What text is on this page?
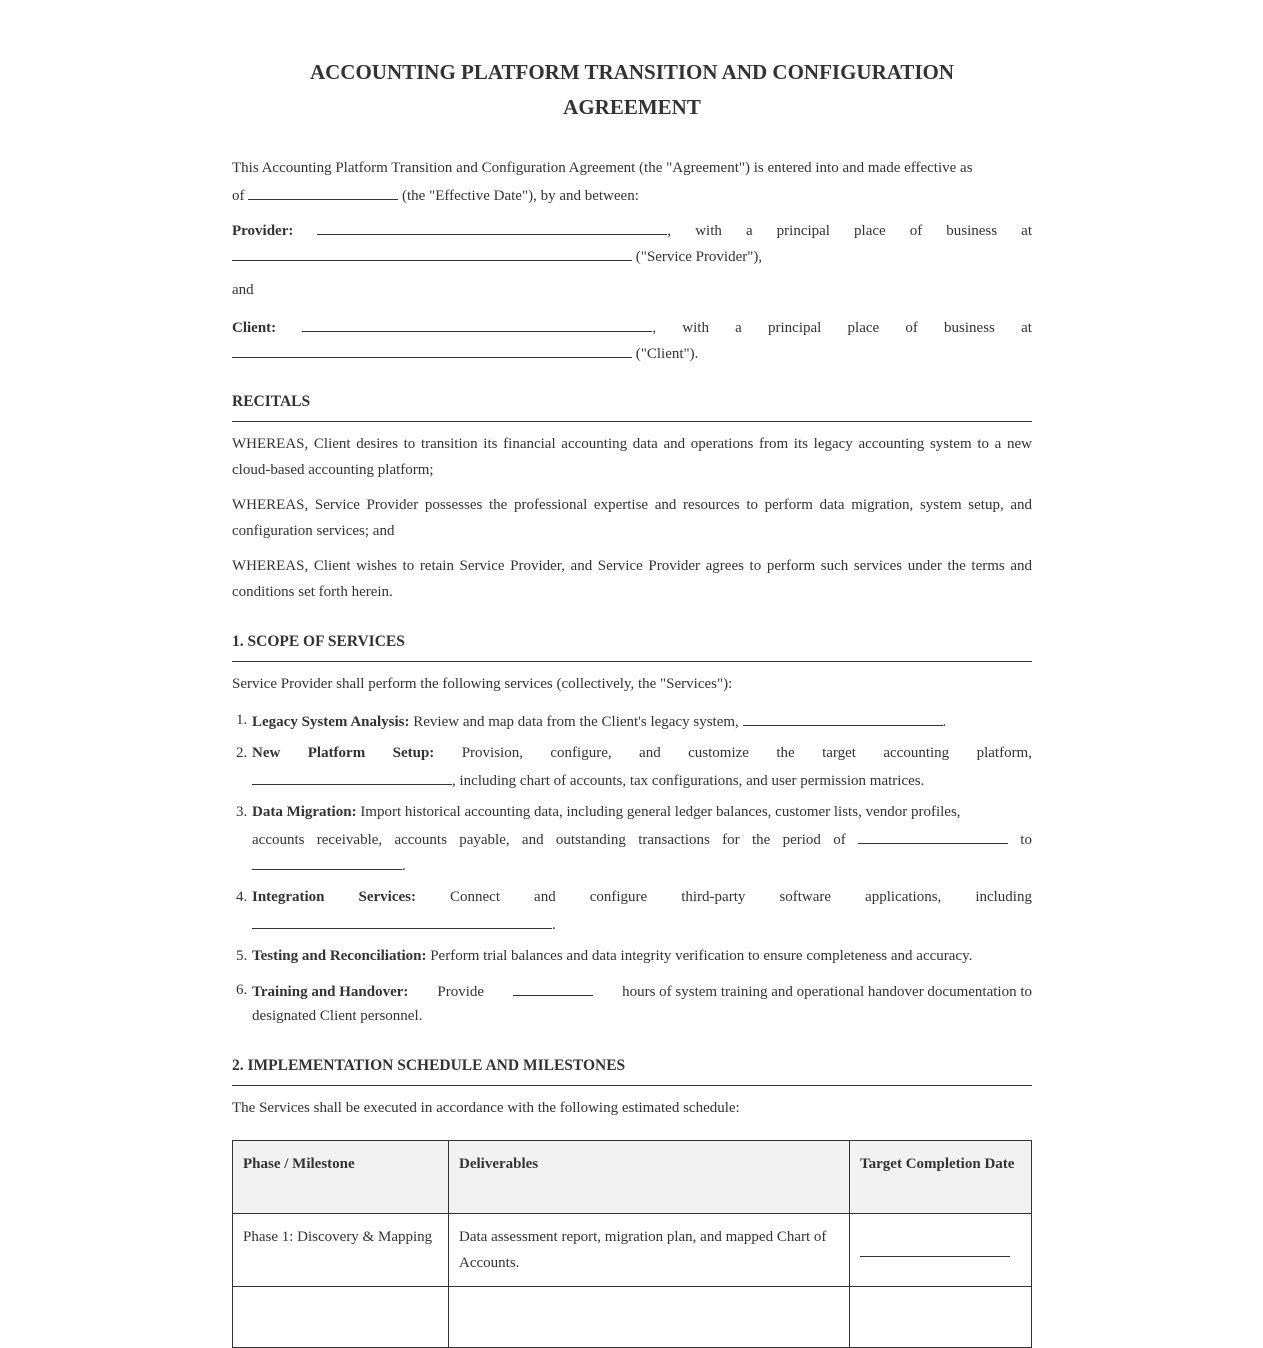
ACCOUNTING PLATFORM TRANSITION AND CONFIGURATION
AGREEMENT
This Accounting Platform Transition and Configuration Agreement (the "Agreement") is entered into and made effective as
of	(the "Effective Date"), by and between:
Provider:	, with a principal place of business at
("Service Provider"),
and
Client:	, with a principal place of business at
("Client").
RECITALS

WHEREAS, Client desires to transition its financial accounting data and operations from its legacy accounting system to a new cloud-based accounting platform;

WHEREAS, Service Provider possesses the professional expertise and resources to perform data migration, system setup, and configuration services; and

WHEREAS, Client wishes to retain Service Provider, and Service Provider agrees to perform such services under the terms and conditions set forth herein.

1. SCOPE OF SERVICES
Service Provider shall perform the following services (collectively, the "Services"):
1. Legacy System Analysis: Review and map data from the Client's legacy system,	.
2. New Platform Setup: Provision, configure, and customize the target accounting platform,
, including chart of accounts, tax configurations, and user permission matrices.
3. Data Migration: Import historical accounting data, including general ledger balances, customer lists, vendor profiles,
accounts receivable, accounts payable, and outstanding transactions for the period of	to
.
4. Integration Services: Connect and configure third-party software applications, including
.
5. Testing and Reconciliation: Perform trial balances and data integrity verification to ensure completeness and accuracy.
6. Training and Handover: Provide	hours of system training and operational handover documentation to
designated Client personnel.
2. IMPLEMENTATION SCHEDULE AND MILESTONES
The Services shall be executed in accordance with the following estimated schedule:
Phase / Milestone	Deliverables	Target Completion Date
Phase 1: Discovery & Mapping	Data assessment report, migration plan, and mapped Chart of Accounts.	
